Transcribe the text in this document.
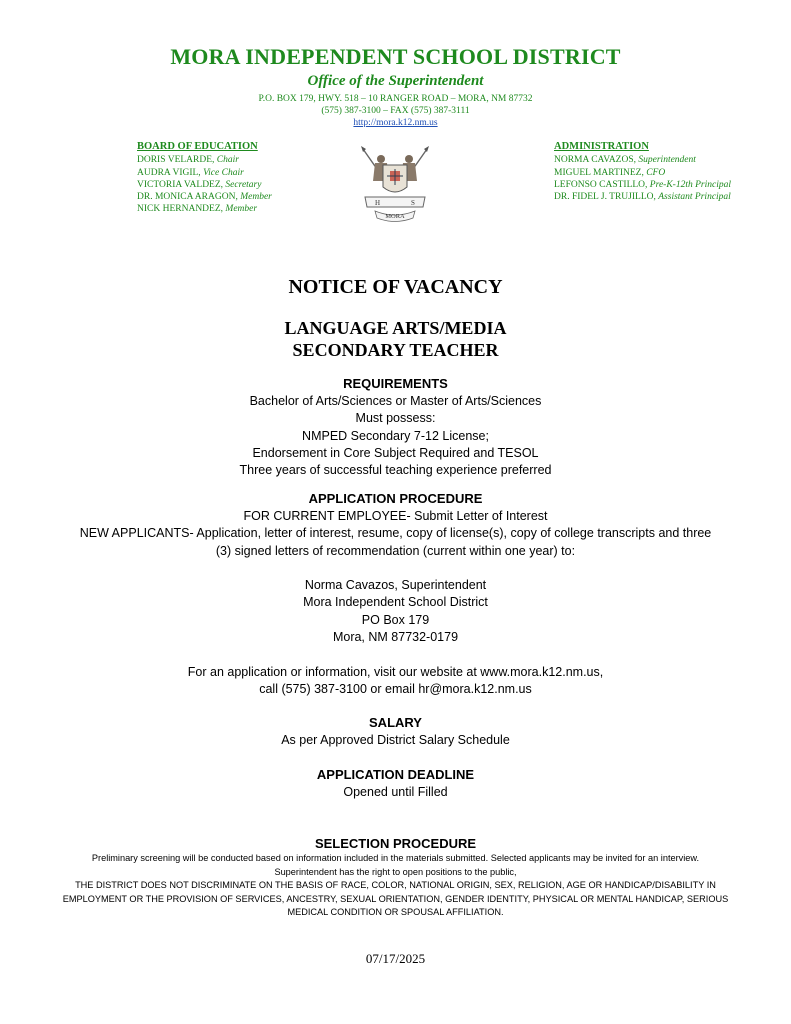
MORA INDEPENDENT SCHOOL DISTRICT
Office of the Superintendent
P.O. BOX 179, HWY. 518 – 10 RANGER ROAD – MORA, NM 87732
(575) 387-3100 – FAX (575) 387-3111
http://mora.k12.nm.us
BOARD OF EDUCATION
DORIS VELARDE, Chair
AUDRA VIGIL, Vice Chair
VICTORIA VALDEZ, Secretary
DR. MONICA ARAGON, Member
NICK HERNANDEZ, Member
H	S
MORA
ADMINISTRATION
NORMA CAVAZOS, Superintendent
MIGUEL MARTINEZ, CFO
LEFONSO CASTILLO, Pre-K-12th Principal
DR. FIDEL J. TRUJILLO, Assistant Principal
NOTICE OF VACANCY
LANGUAGE ARTS/MEDIA
SECONDARY TEACHER
REQUIREMENTS
Bachelor of Arts/Sciences or Master of Arts/Sciences
Must possess:
NMPED Secondary 7-12 License;
Endorsement in Core Subject Required and TESOL
Three years of successful teaching experience preferred
APPLICATION PROCEDURE
FOR CURRENT EMPLOYEE- Submit Letter of Interest
NEW APPLICANTS- Application, letter of interest, resume, copy of license(s), copy of college transcripts and three
(3) signed letters of recommendation (current within one year) to:
Norma Cavazos, Superintendent
Mora Independent School District
PO Box 179
Mora, NM 87732-0179
For an application or information, visit our website at www.mora.k12.nm.us,
call (575) 387-3100 or email hr@mora.k12.nm.us
SALARY
As per Approved District Salary Schedule
APPLICATION DEADLINE
Opened until Filled
SELECTION PROCEDURE
Preliminary screening will be conducted based on information included in the materials submitted. Selected applicants may be invited for an interview.
Superintendent has the right to open positions to the public,
THE DISTRICT DOES NOT DISCRIMINATE ON THE BASIS OF RACE, COLOR, NATIONAL ORIGIN, SEX, RELIGION, AGE OR HANDICAP/DISABILITY IN
EMPLOYMENT OR THE PROVISION OF SERVICES, ANCESTRY, SEXUAL ORIENTATION, GENDER IDENTITY, PHYSICAL OR MENTAL HANDICAP, SERIOUS
MEDICAL CONDITION OR SPOUSAL AFFILIATION.
07/17/2025
